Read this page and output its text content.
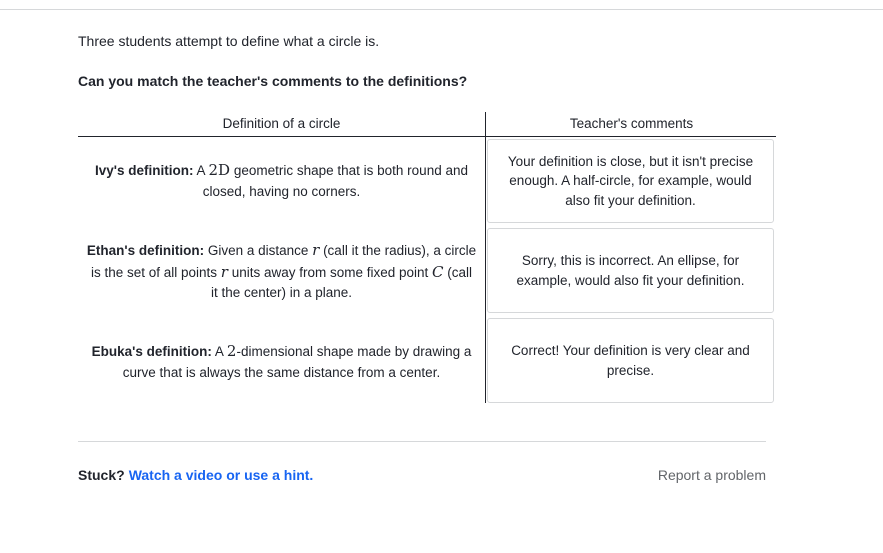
Three students attempt to define what a circle is.
Can you match the teacher's comments to the definitions?
Definition of a circle	Teacher's comments
Ivy's definition: A 2D geometric shape that is both round and closed, having no corners.
Ethan's definition: Given a distance r (call it the radius), a circle is the set of all points r units away from some fixed point C (call it the center) in a plane.
Ebuka's definition: A 2-dimensional shape made by drawing a curve that is always the same distance from a center.
Your definition is close, but it isn't precise enough. A half-circle, for example, would also fit your definition.
Sorry, this is incorrect. An ellipse, for example, would also fit your definition.
Correct! Your definition is very clear and precise.
Stuck? Watch a video or use a hint.	Report a problem
